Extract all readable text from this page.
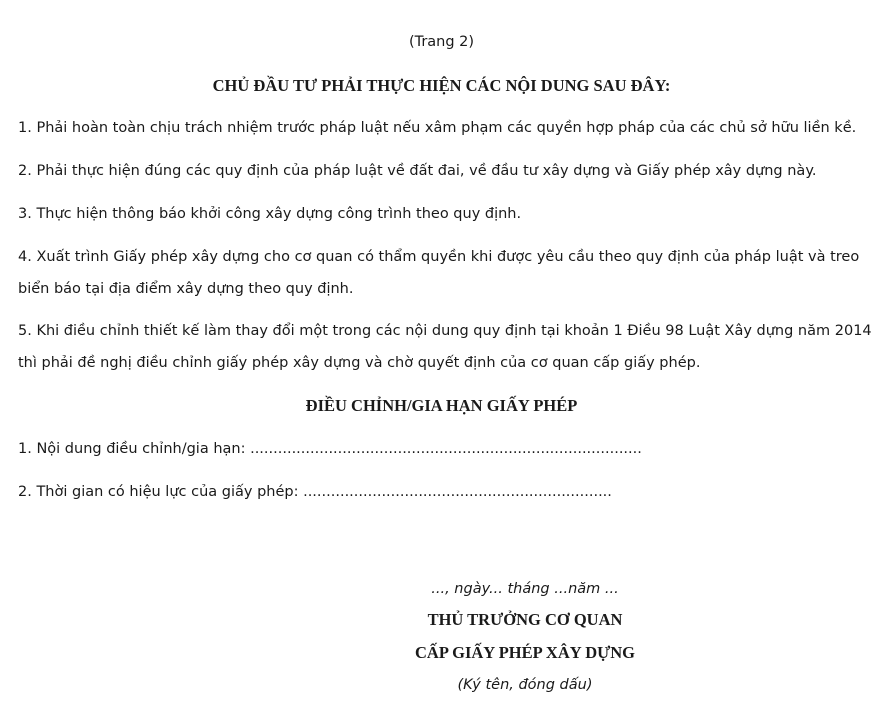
(Trang 2)
CHỦ ĐẦU TƯ PHẢI THỰC HIỆN CÁC NỘI DUNG SAU ĐÂY:
1. Phải hoàn toàn chịu trách nhiệm trước pháp luật nếu xâm phạm các quyền hợp pháp của các chủ sở hữu liền kề.
2. Phải thực hiện đúng các quy định của pháp luật về đất đai, về đầu tư xây dựng và Giấy phép xây dựng này.
3. Thực hiện thông báo khởi công xây dựng công trình theo quy định.
4. Xuất trình Giấy phép xây dựng cho cơ quan có thẩm quyền khi được yêu cầu theo quy định của pháp luật và treo
biển báo tại địa điểm xây dựng theo quy định.
5. Khi điều chỉnh thiết kế làm thay đổi một trong các nội dung quy định tại khoản 1 Điều 98 Luật Xây dựng năm 2014
thì phải đề nghị điều chỉnh giấy phép xây dựng và chờ quyết định của cơ quan cấp giấy phép.
ĐIỀU CHỈNH/GIA HẠN GIẤY PHÉP
1. Nội dung điều chỉnh/gia hạn: .....................................................................................
2. Thời gian có hiệu lực của giấy phép: ...................................................................
..., ngày... tháng ...năm ...
THỦ TRƯỞNG CƠ QUAN
CẤP GIẤY PHÉP XÂY DỰNG
(Ký tên, đóng dấu)
